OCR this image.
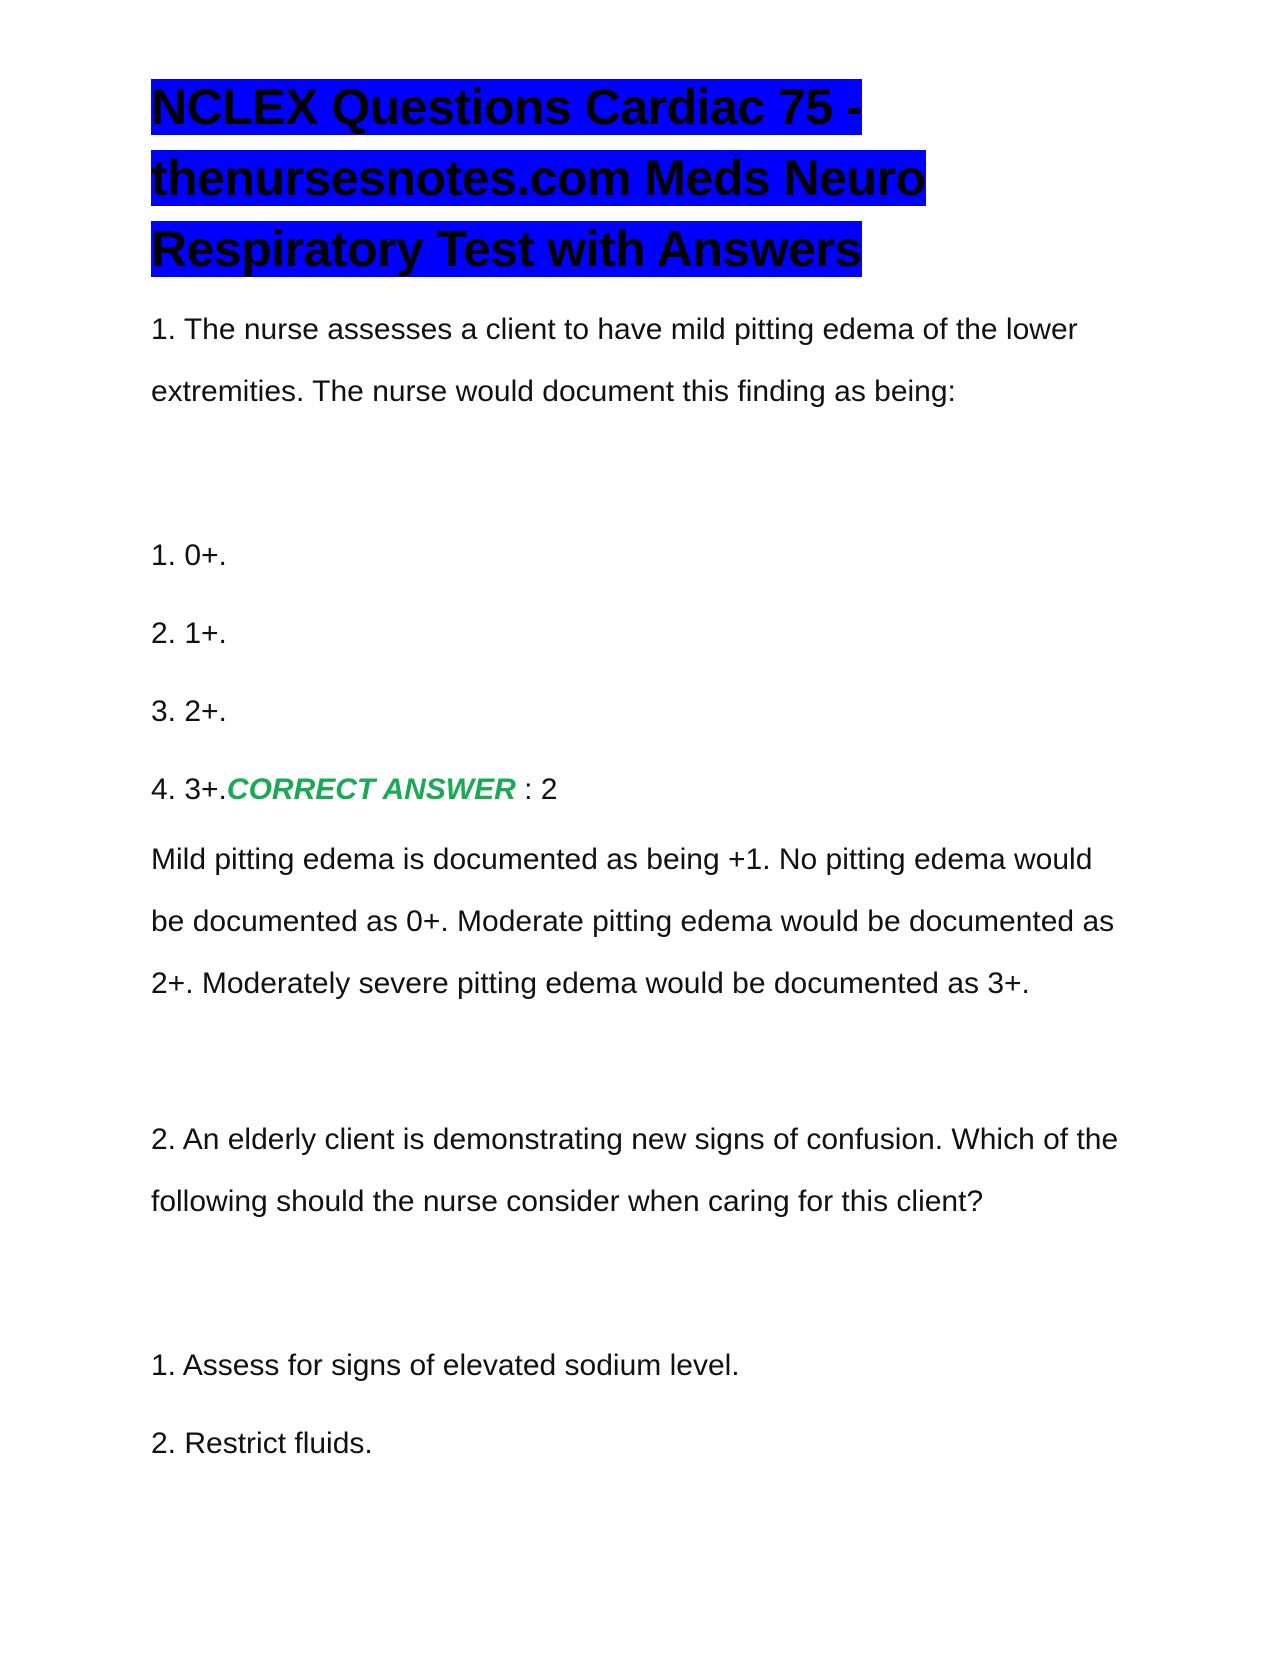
NCLEX Questions Cardiac 75 - thenursesnotes.com Meds Neuro Respiratory Test with Answers

1. The nurse assesses a client to have mild pitting edema of the lower extremities. The nurse would document this finding as being:

1. 0+.

2. 1+.

3. 2+.

4. 3+.CORRECT ANSWER : 2

Mild pitting edema is documented as being +1. No pitting edema would be documented as 0+. Moderate pitting edema would be documented as 2+. Moderately severe pitting edema would be documented as 3+.

2. An elderly client is demonstrating new signs of confusion. Which of the following should the nurse consider when caring for this client?

1. Assess for signs of elevated sodium level.

2. Restrict fluids.
